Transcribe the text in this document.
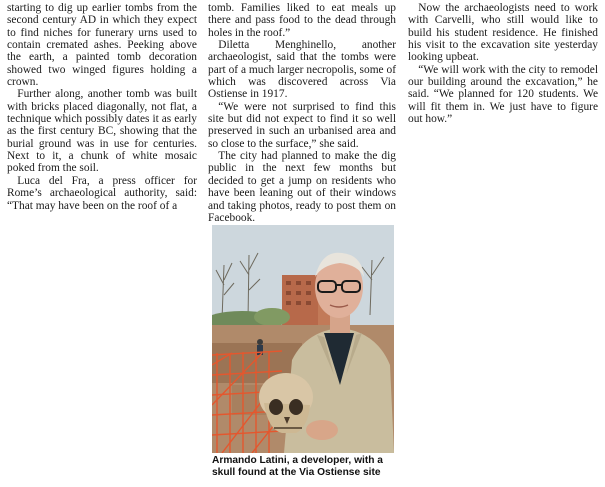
starting to dig up earlier tombs from the second century AD in which they expect to find niches for funerary urns used to contain cremated ashes. Peeking above the earth, a painted tomb decoration showed two winged figures holding a crown.

Further along, another tomb was built with bricks placed diagonally, not flat, a technique which possibly dates it as early as the first century BC, showing that the burial ground was in use for centuries. Next to it, a chunk of white mosaic poked from the soil.

Luca del Fra, a press officer for Rome’s archaeological authority, said: “That may have been on the roof of a

tomb. Families liked to eat meals up there and pass food to the dead through holes in the roof.”

Diletta Menghinello, another archaeologist, said that the tombs were part of a much larger necropolis, some of which was discovered across Via Ostiense in 1917.

“We were not surprised to find this site but did not expect to find it so well preserved in such an urbanised area and so close to the surface,” she said.

The city had planned to make the dig public in the next few months but decided to get a jump on residents who have been leaning out of their windows and taking photos, ready to post them on Facebook.

Now the archaeologists need to work with Carvelli, who still would like to build his student residence. He finished his visit to the excavation site yesterday looking upbeat.

“We will work with the city to remodel our building around the excavation,” he said. “We planned for 120 students. We will fit them in. We just have to figure out how.”

Armando Latini, a developer, with a skull found at the Via Ostiense site
